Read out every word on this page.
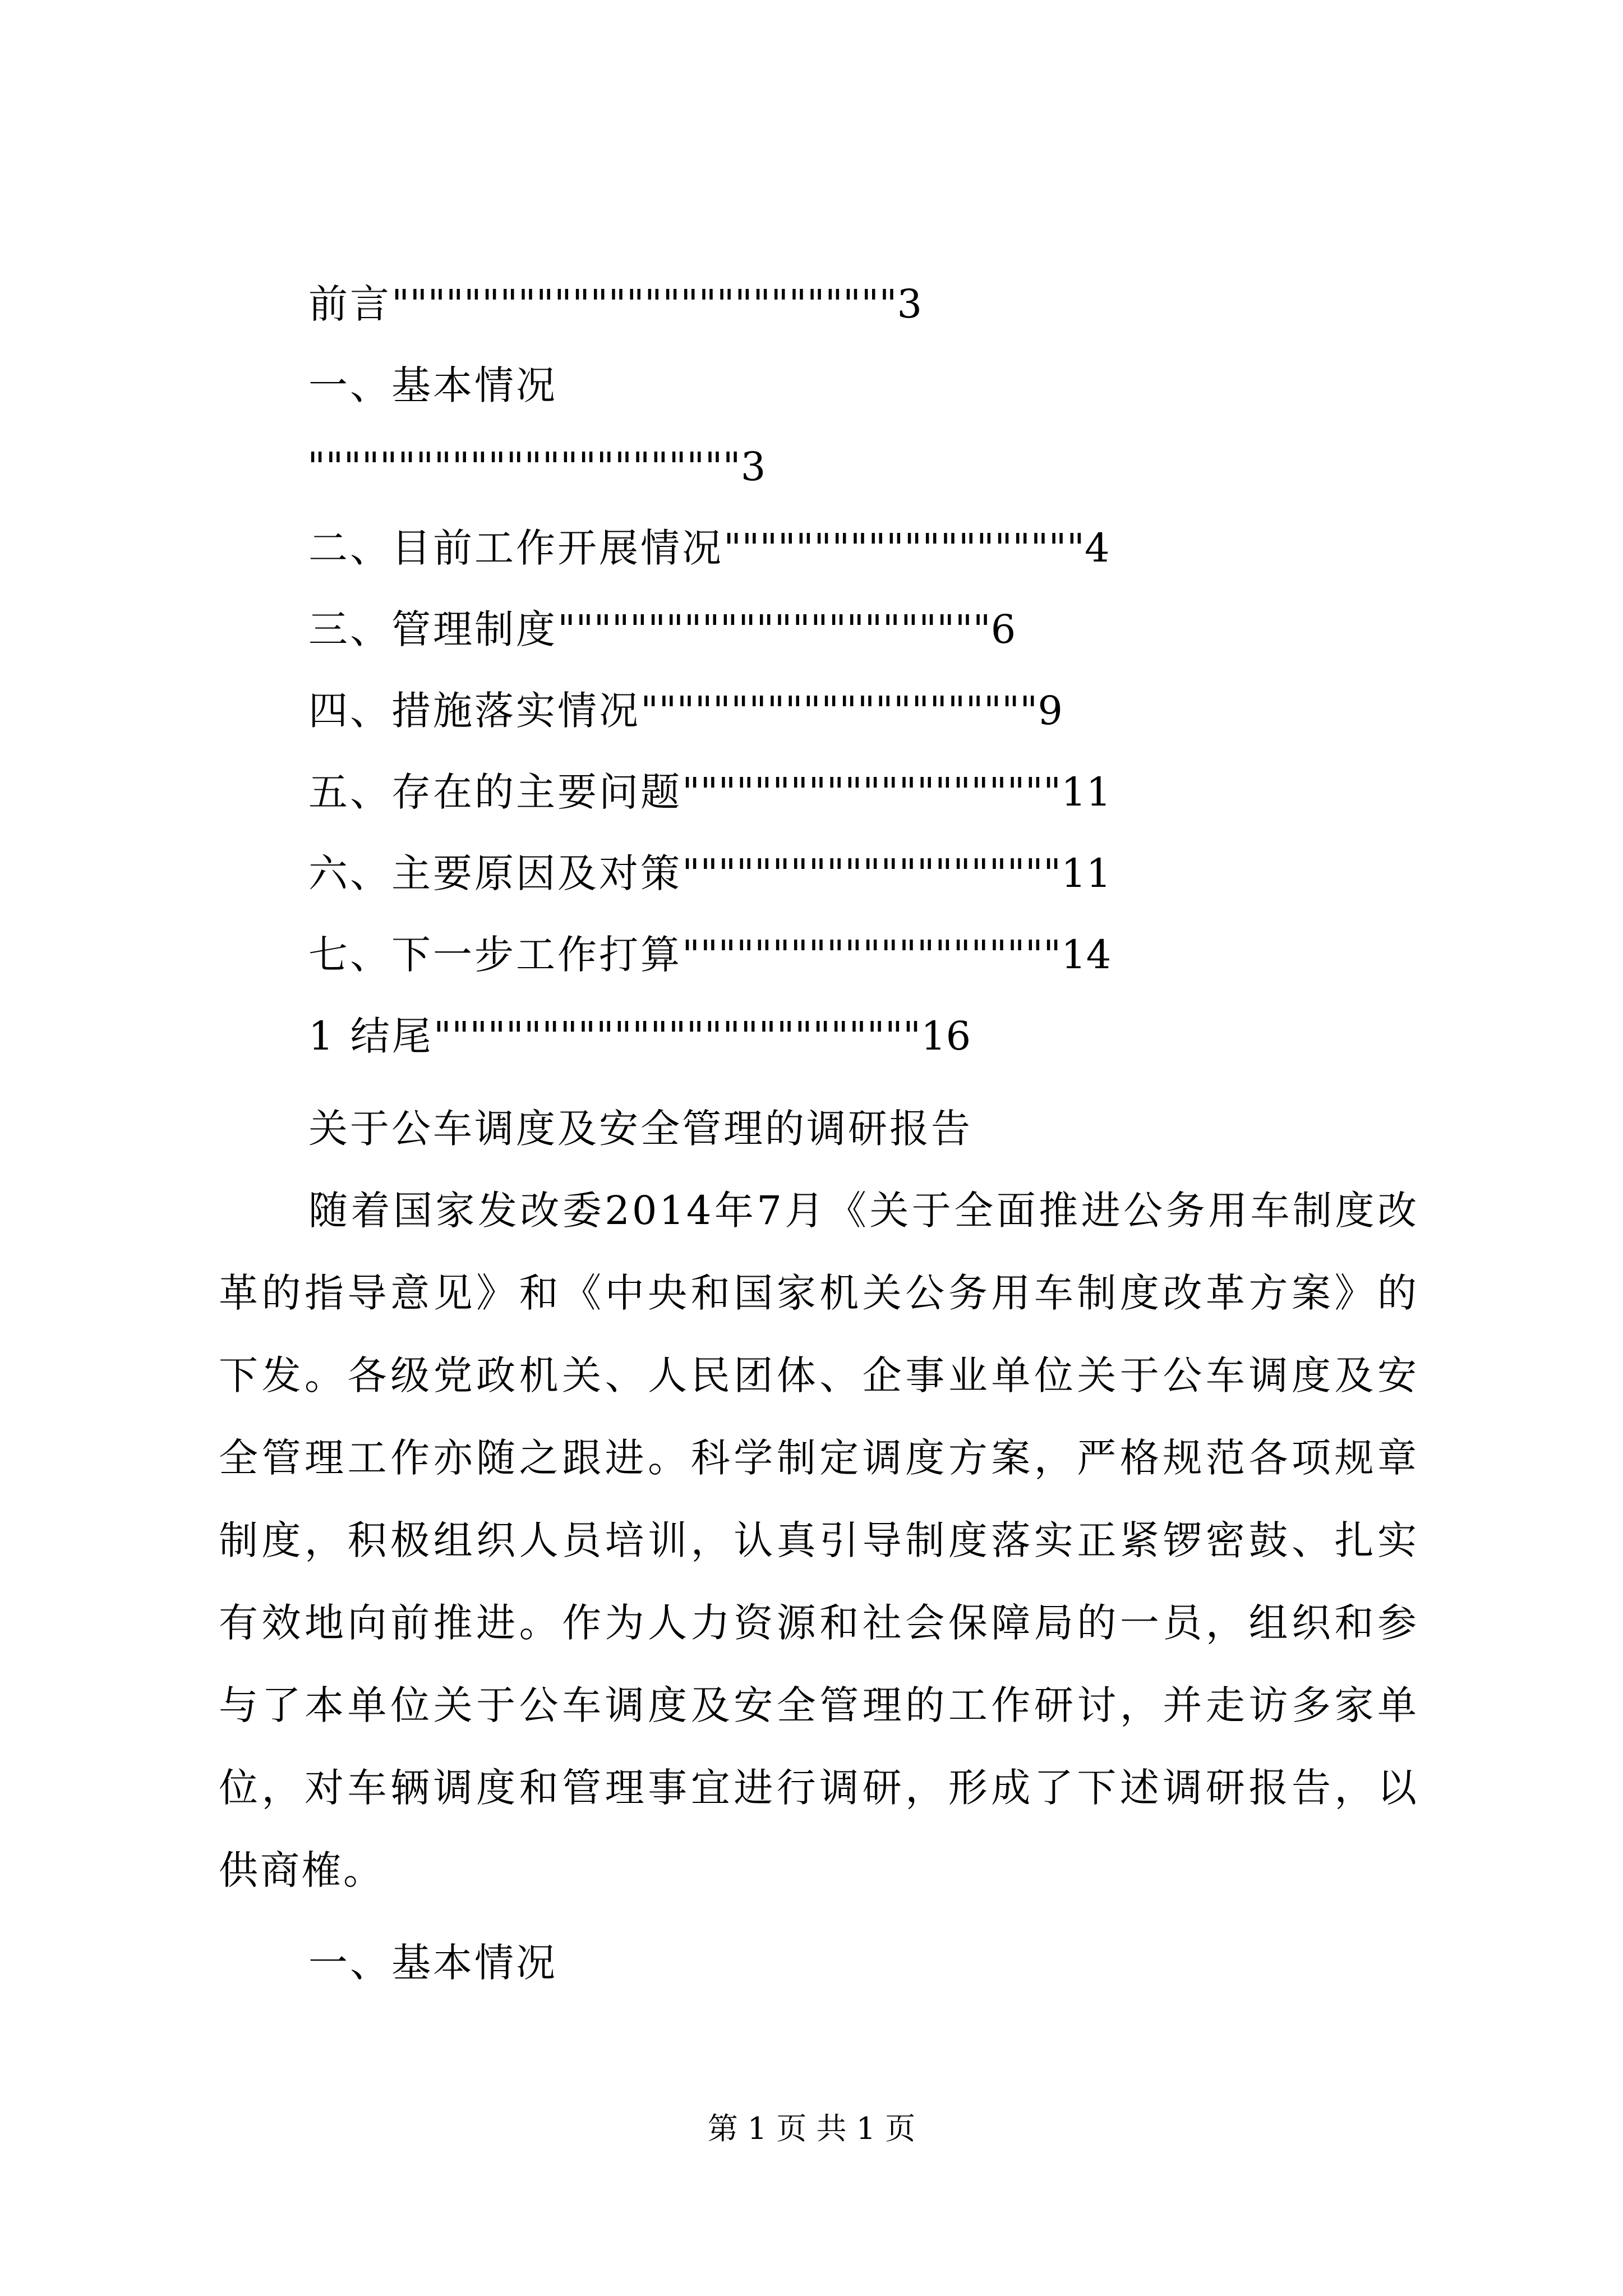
前言""""""""""""""""""""""""""""3
一、基本情况
""""""""""""""""""""""""3
二、目前工作开展情况""""""""""""""""""""4
三、管理制度""""""""""""""""""""""""6
四、措施落实情况""""""""""""""""""""""9
五、存在的主要问题"""""""""""""""""""""11
六、主要原因及对策"""""""""""""""""""""11
七、下一步工作打算"""""""""""""""""""""14
1 结尾"""""""""""""""""""""""""""16
关于公车调度及安全管理的调研报告

随着国家发改委2014年7月《关于全面推进公务用车制度改革的指导意见》和《中央和国家机关公务用车制度改革方案》的下发。各级党政机关、人民团体、企事业单位关于公车调度及安全管理工作亦随之跟进。科学制定调度方案，严格规范各项规章制度，积极组织人员培训，认真引导制度落实正紧锣密鼓、扎实有效地向前推进。作为人力资源和社会保障局的一员，组织和参与了本单位关于公车调度及安全管理的工作研讨，并走访多家单位，对车辆调度和管理事宜进行调研，形成了下述调研报告，以供商榷。

一、基本情况
第 1 页 共 1 页
